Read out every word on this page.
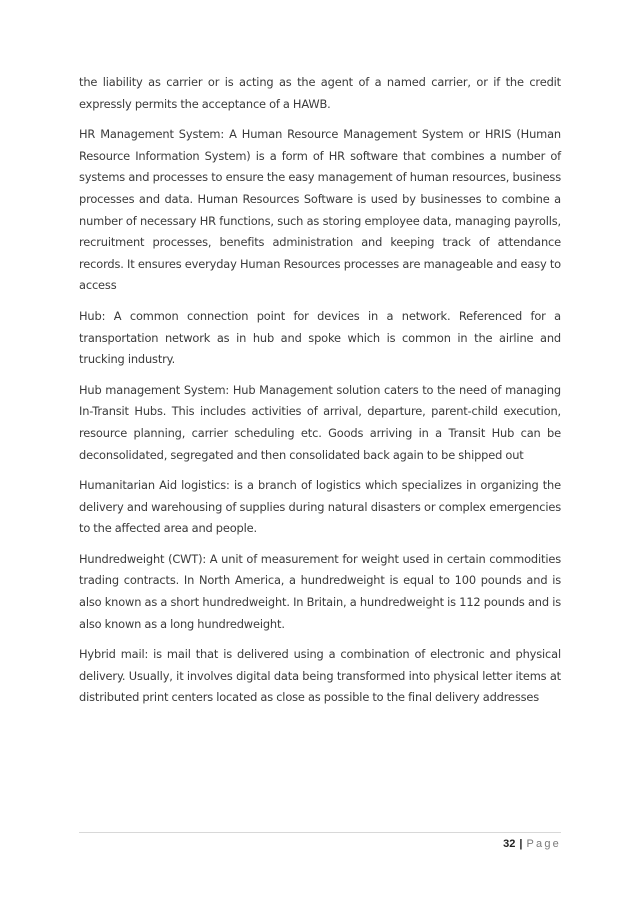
the liability as carrier or is acting as the agent of a named carrier, or if the credit expressly permits the acceptance of a HAWB.

HR Management System: A Human Resource Management System or HRIS (Human Resource Information System) is a form of HR software that combines a number of systems and processes to ensure the easy management of human resources, business processes and data. Human Resources Software is used by businesses to combine a number of necessary HR functions, such as storing employee data, managing payrolls, recruitment processes, benefits administration and keeping track of attendance records. It ensures everyday Human Resources processes are manageable and easy to access

Hub: A common connection point for devices in a network. Referenced for a transportation network as in hub and spoke which is common in the airline and trucking industry.

Hub management System: Hub Management solution caters to the need of managing In-Transit Hubs. This includes activities of arrival, departure, parent-child execution, resource planning, carrier scheduling etc. Goods arriving in a Transit Hub can be deconsolidated, segregated and then consolidated back again to be shipped out

Humanitarian Aid logistics: is a branch of logistics which specializes in organizing the delivery and warehousing of supplies during natural disasters or complex emergencies to the affected area and people.

Hundredweight (CWT): A unit of measurement for weight used in certain commodities trading contracts. In North America, a hundredweight is equal to 100 pounds and is also known as a short hundredweight. In Britain, a hundredweight is 112 pounds and is also known as a long hundredweight.

Hybrid mail: is mail that is delivered using a combination of electronic and physical delivery. Usually, it involves digital data being transformed into physical letter items at distributed print centers located as close as possible to the final delivery addresses

32 | Page
